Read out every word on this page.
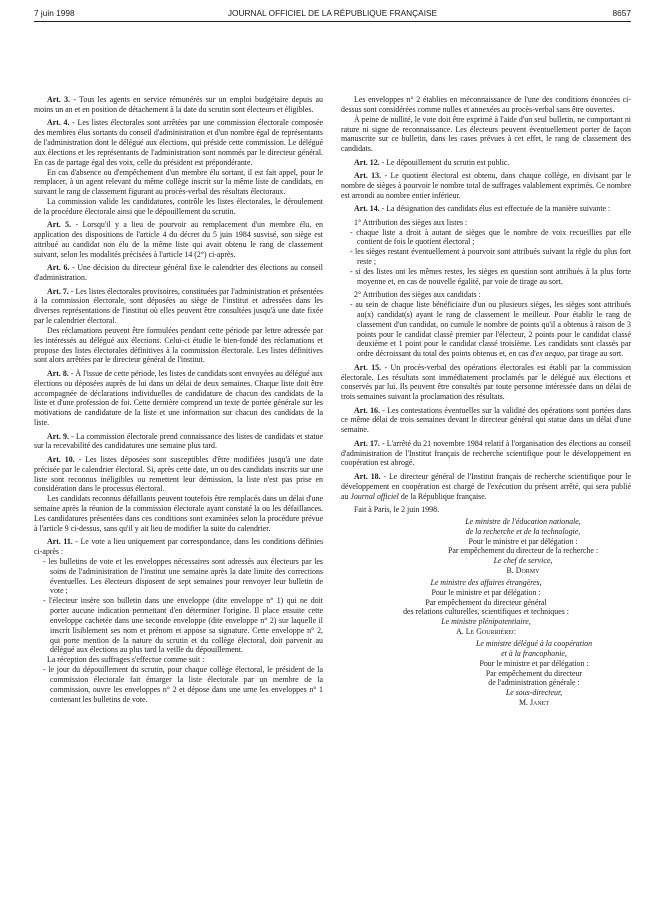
7 juin 1998	JOURNAL OFFICIEL DE LA RÉPUBLIQUE FRANÇAISE	8657

Art. 3. - Tous les agents en service rémunérés sur un emploi budgétaire depuis au moins un an et en position de détachement à la date du scrutin sont électeurs et éligibles.

Art. 4. - Les listes électorales sont arrêtées par une commission électorale composée des membres élus sortants du conseil d'administration et d'un nombre égal de représentants de l'administration dont le délégué aux élections, qui préside cette commission. Le délégué aux élections et les représentants de l'administration sont nommés par le directeur général. En cas de partage égal des voix, celle du président est prépondérante.

En cas d'absence ou d'empêchement d'un membre élu sortant, il est fait appel, pour le remplacer, à un agent relevant du même collège inscrit sur la même liste de candidats, en suivant le rang de classement figurant au procès-verbal des résultats électoraux.

La commission valide les candidatures, contrôle les listes électorales, le déroulement de la procédure électorale ainsi que le dépouillement du scrutin.

Art. 5. - Lorsqu'il y a lieu de pourvoir au remplacement d'un membre élu, en application des dispositions de l'article 4 du décret du 5 juin 1984 susvisé, son siège est attribué au candidat non élu de la même liste qui avait obtenu le rang de classement suivant, selon les modalités précisées à l'article 14 (2°) ci-après.

Art. 6. - Une décision du directeur général fixe le calendrier des élections au conseil d'administration.

Art. 7. - Les listes électorales provisoires, constituées par l'administration et présentées à la commission électorale, sont déposées au siège de l'institut et adressées dans les diverses représentations de l'institut où elles peuvent être consultées jusqu'à une date fixée par le calendrier électoral.

Des réclamations peuvent être formulées pendant cette période par lettre adressée par les intéressés au délégué aux élections. Celui-ci étudie le bien-fondé des réclamations et propose des listes électorales définitives à la commission électorale. Les listes définitives sont alors arrêtées par le directeur général de l'institut.

Art. 8. - À l'issue de cette période, les listes de candidats sont envoyées au délégué aux élections ou déposées auprès de lui dans un délai de deux semaines. Chaque liste doit être accompagnée de déclarations individuelles de candidature de chacun des candidats de la liste et d'une profession de foi. Cette dernière comprend un texte de portée générale sur les motivations de candidature de la liste et une information sur chacun des candidats de la liste.

Art. 9. - La commission électorale prend connaissance des listes de candidats et statue sur la recevabilité des candidatures une semaine plus tard.

Art. 10. - Les listes déposées sont susceptibles d'être modifiées jusqu'à une date précisée par le calendrier électoral. Si, après cette date, un ou des candidats inscrits sur une liste sont reconnus inéligibles ou remettent leur démission, la liste n'est pas prise en considération dans le processus électoral.

Les candidats reconnus défaillants peuvent toutefois être remplacés dans un délai d'une semaine après la réunion de la commission électorale ayant constaté la ou les défaillances. Les candidatures présentées dans ces conditions sont examinées selon la procédure prévue à l'article 9 ci-dessus, sans qu'il y ait lieu de modifier la suite du calendrier.

Art. 11. - Le vote a lieu uniquement par correspondance, dans les conditions définies ci-après :

- les bulletins de vote et les enveloppes nécessaires sont adressés aux électeurs par les soins de l'administration de l'institut une semaine après la date limite des corrections éventuelles. Les électeurs disposent de sept semaines pour renvoyer leur bulletin de vote ;

- l'électeur insère son bulletin dans une enveloppe (dite enveloppe n° 1) qui ne doit porter aucune indication permettant d'en déterminer l'origine. Il place ensuite cette enveloppe cachetée dans une seconde enveloppe (dite enveloppe n° 2) sur laquelle il inscrit lisiblement ses nom et prénom et appose sa signature. Cette enveloppe n° 2, qui porte mention de la nature du scrutin et du collège électoral, doit parvenir au délégué aux élections au plus tard la veille du dépouillement.

La réception des suffrages s'effectue comme suit :

- le jour du dépouillement du scrutin, pour chaque collège électoral, le président de la commission électorale fait émarger la liste électorale par un membre de la commission, ouvre les enveloppes n° 2 et dépose dans une urne les enveloppes n° 1 contenant les bulletins de vote.

Les enveloppes n° 2 établies en méconnaissance de l'une des conditions énoncées ci-dessus sont considérées comme nulles et annexées au procès-verbal sans être ouvertes.

À peine de nullité, le vote doit être exprimé à l'aide d'un seul bulletin, ne comportant ni rature ni signe de reconnaissance. Les électeurs peuvent éventuellement porter de façon manuscrite sur ce bulletin, dans les cases prévues à cet effet, le rang de classement des candidats.

Art. 12. - Le dépouillement du scrutin est public.

Art. 13. - Le quotient électoral est obtenu, dans chaque collège, en divisant par le nombre de sièges à pourvoir le nombre total de suffrages valablement exprimés. Ce nombre est arrondi au nombre entier inférieur.

Art. 14. - La désignation des candidats élus est effectuée de la manière suivante :

1° Attribution des sièges aux listes :

- chaque liste a droit à autant de sièges que le nombre de voix recueillies par elle contient de fois le quotient électoral ;

- les sièges restant éventuellement à pourvoir sont attribués suivant la règle du plus fort reste ;

- si des listes ont les mêmes restes, les sièges en question sont attribués à la plus forte moyenne et, en cas de nouvelle égalité, par voie de tirage au sort.

2° Attribution des sièges aux candidats :

- au sein de chaque liste bénéficiaire d'un ou plusieurs sièges, les sièges sont attribués au(x) candidat(s) ayant le rang de classement le meilleur. Pour établir le rang de classement d'un candidat, on cumule le nombre de points qu'il a obtenus à raison de 3 points pour le candidat classé premier par l'électeur, 2 points pour le candidat classé deuxième et 1 point pour le candidat classé troisième. Les candidats sont classés par ordre décroissant du total des points obtenus et, en cas d'ex aequo, par tirage au sort.

Art. 15. - Un procès-verbal des opérations électorales est établi par la commission électorale. Les résultats sont immédiatement proclamés par le délégué aux élections et conservés par lui. Ils peuvent être consultés par toute personne intéressée dans un délai de trois semaines suivant la proclamation des résultats.

Art. 16. - Les contestations éventuelles sur la validité des opérations sont portées dans ce même délai de trois semaines devant le directeur général qui statue dans un délai d'une semaine.

Art. 17. - L'arrêté du 21 novembre 1984 relatif à l'organisation des élections au conseil d'administration de l'Institut français de recherche scientifique pour le développement en coopération est abrogé.

Art. 18. - Le directeur général de l'Institut français de recherche scientifique pour le développement en coopération est chargé de l'exécution du présent arrêté, qui sera publié au Journal officiel de la République française.

Fait à Paris, le 2 juin 1998.

Le ministre de l'éducation nationale,
de la recherche et de la technologie,
Pour le ministre et par délégation :
Par empêchement du directeur de la recherche :
Le chef de service,
B. Dormy
Le ministre des affaires étrangères,
Pour le ministre et par délégation :
Par empêchement du directeur général
des relations culturelles, scientifiques et techniques :
Le ministre plénipotentiaire,
A. Le Gourriérec
Le ministre délégué à la coopération
et à la francophonie,
Pour le ministre et par délégation :
Par empêchement du directeur
de l'administration générale :
Le sous-directeur,
M. Janet
